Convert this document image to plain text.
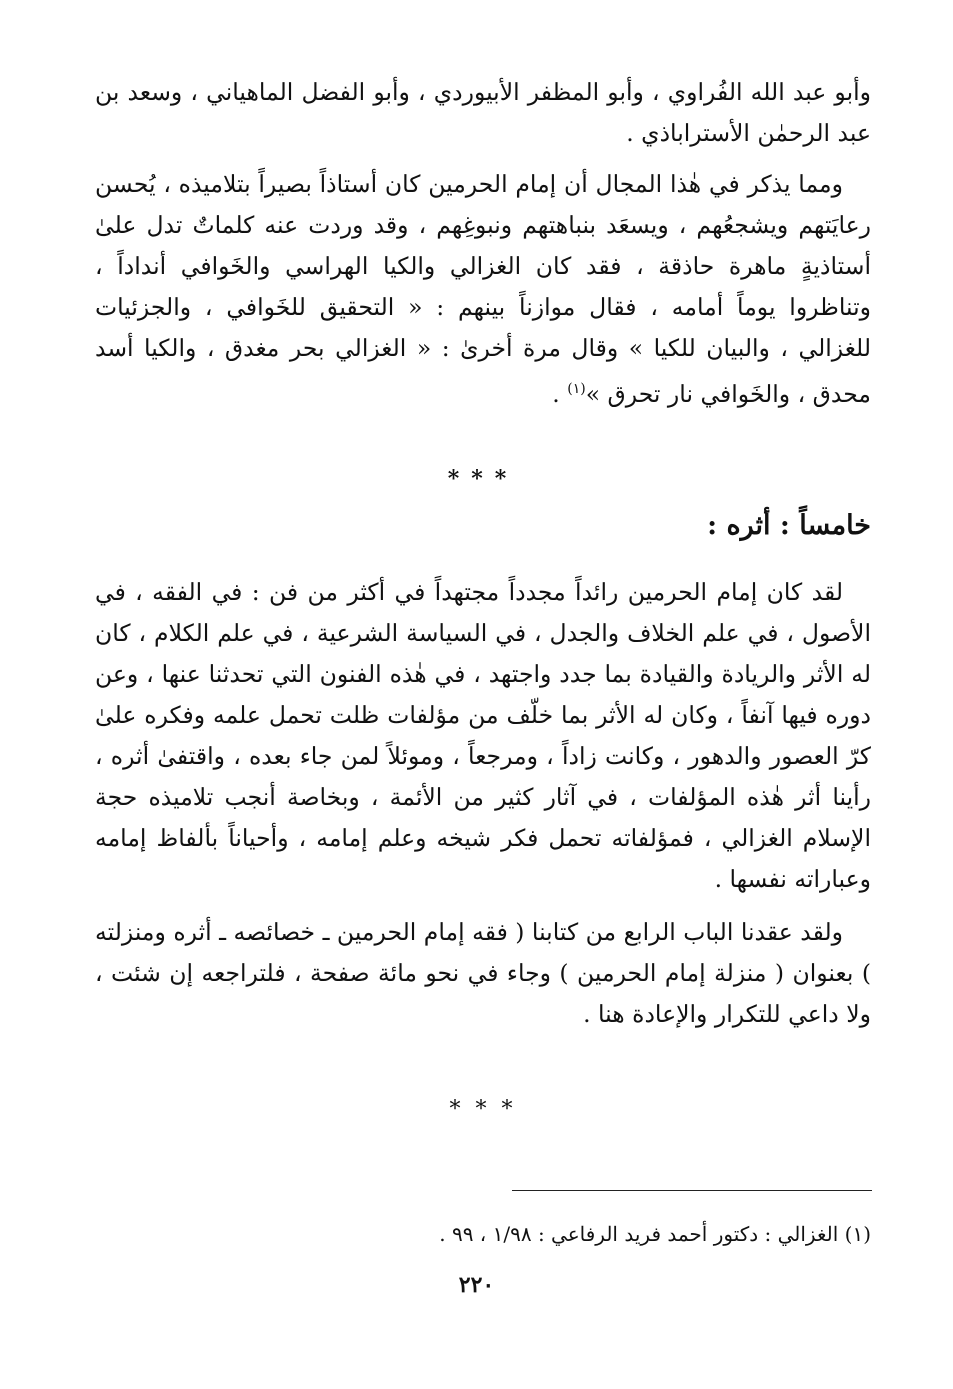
وأبو عبد الله الفُراوي ، وأبو المظفر الأبيوردي ، وأبو الفضل الماهياني ، وسعد بن عبد الرحمٰن الأستراباذي .

ومما يذكر في هٰذا المجال أن إمام الحرمين كان أستاذاً بصيراً بتلاميذه ، يُحسن رعايَتهم ويشجعُهم ، ويسعَد بنباهتهم ونبوغِهم ، وقد وردت عنه كلماتٌ تدل علىٰ أستاذيةٍ ماهرة حاذقة ، فقد كان الغزالي والكيا الهراسي والخَوافي أنداداً ، وتناظروا يوماً أمامه ، فقال موازناً بينهم : « التحقيق للخَوافي ، والجزئيات للغزالي ، والبيان للكيا » وقال مرة أخرىٰ : « الغزالي بحر مغدق ، والكيا أسد محدق ، والخَوافي نار تحرق »$^{(١)}$ .

***
خامساً : أثره :

لقد كان إمام الحرمين رائداً مجدداً مجتهداً في أكثر من فن : في الفقه ، في الأصول ، في علم الخلاف والجدل ، في السياسة الشرعية ، في علم الكلام ، كان له الأثر والريادة والقيادة بما جدد واجتهد ، في هٰذه الفنون التي تحدثنا عنها ، وعن دوره فيها آنفاً ، وكان له الأثر بما خلّف من مؤلفات ظلت تحمل علمه وفكره علىٰ كرّ العصور والدهور ، وكانت زاداً ، ومرجعاً ، وموئلاً لمن جاء بعده ، واقتفىٰ أثره ، رأينا أثر هٰذه المؤلفات ، في آثار كثير من الأئمة ، وبخاصة أنجب تلاميذه حجة الإسلام الغزالي ، فمؤلفاته تحمل فكر شيخه وعلم إمامه ، وأحياناً بألفاظ إمامه وعباراته نفسها .

ولقد عقدنا الباب الرابع من كتابنا ( فقه إمام الحرمين ـ خصائصه ـ أثره ومنزلته ) بعنوان ( منزلة إمام الحرمين ) وجاء في نحو مائة صفحة ، فلتراجعه إن شئت ، ولا داعي للتكرار والإعادة هنا .

* * *
(١) الغزالي : دكتور أحمد فريد الرفاعي : ١/٩٨ ، ٩٩ .
٢٢٠
